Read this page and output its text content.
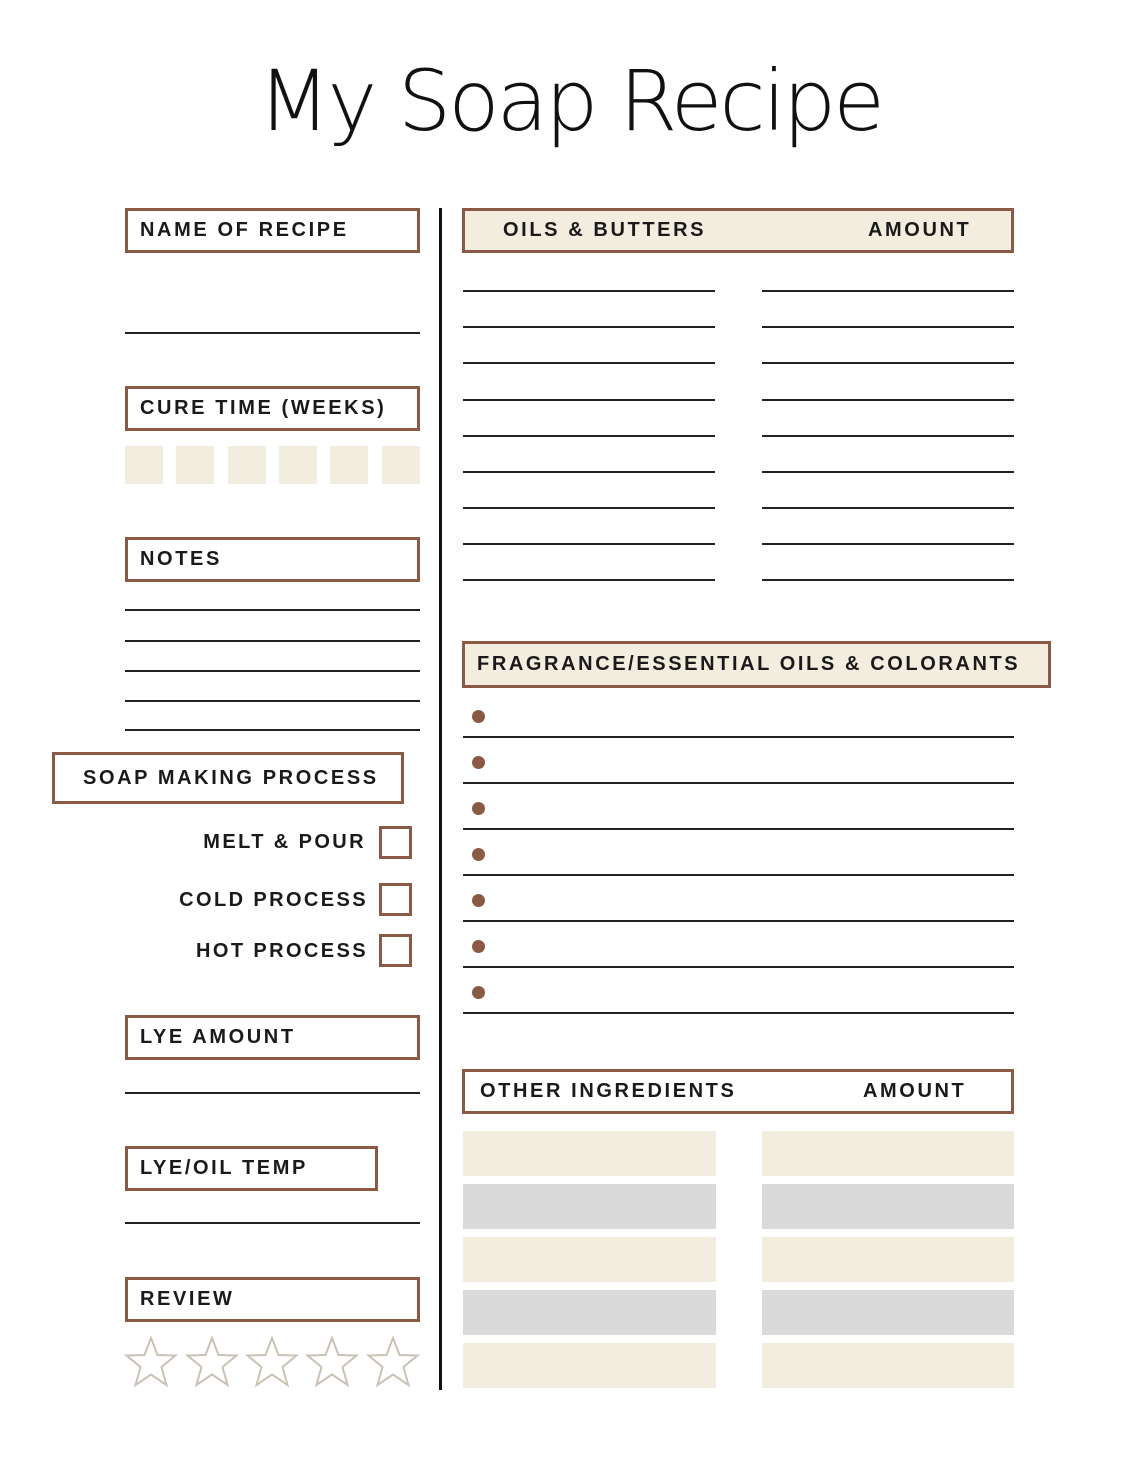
My Soap Recipe
NAME OF RECIPE
CURE TIME (WEEKS)
NOTES
SOAP MAKING PROCESS
MELT & POUR
COLD PROCESS
HOT PROCESS
LYE AMOUNT
LYE/OIL TEMP
REVIEW
OILS & BUTTERS	AMOUNT
FRAGRANCE/ESSENTIAL OILS & COLORANTS
OTHER INGREDIENTS	AMOUNT
